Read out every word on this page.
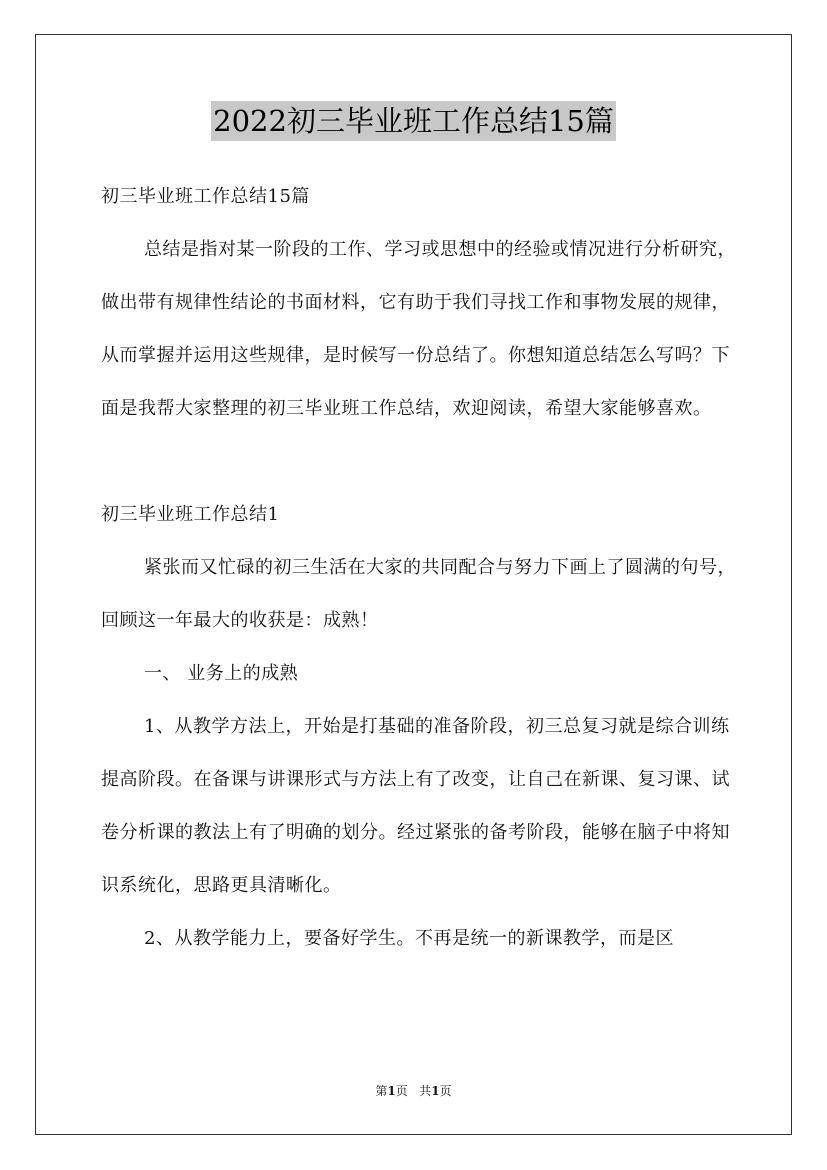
2022初三毕业班工作总结15篇

初三毕业班工作总结15篇

总结是指对某一阶段的工作、学习或思想中的经验或情况进行分析研究，做出带有规律性结论的书面材料，它有助于我们寻找工作和事物发展的规律，从而掌握并运用这些规律，是时候写一份总结了。你想知道总结怎么写吗？下面是我帮大家整理的初三毕业班工作总结，欢迎阅读，希望大家能够喜欢。

初三毕业班工作总结1

紧张而又忙碌的初三生活在大家的共同配合与努力下画上了圆满的句号，回顾这一年最大的收获是：成熟！

一、 业务上的成熟

1、从教学方法上，开始是打基础的准备阶段，初三总复习就是综合训练提高阶段。在备课与讲课形式与方法上有了改变，让自己在新课、复习课、试卷分析课的教法上有了明确的划分。经过紧张的备考阶段，能够在脑子中将知识系统化，思路更具清晰化。

2、从教学能力上，要备好学生。不再是统一的新课教学，而是区

第1页 共1页
